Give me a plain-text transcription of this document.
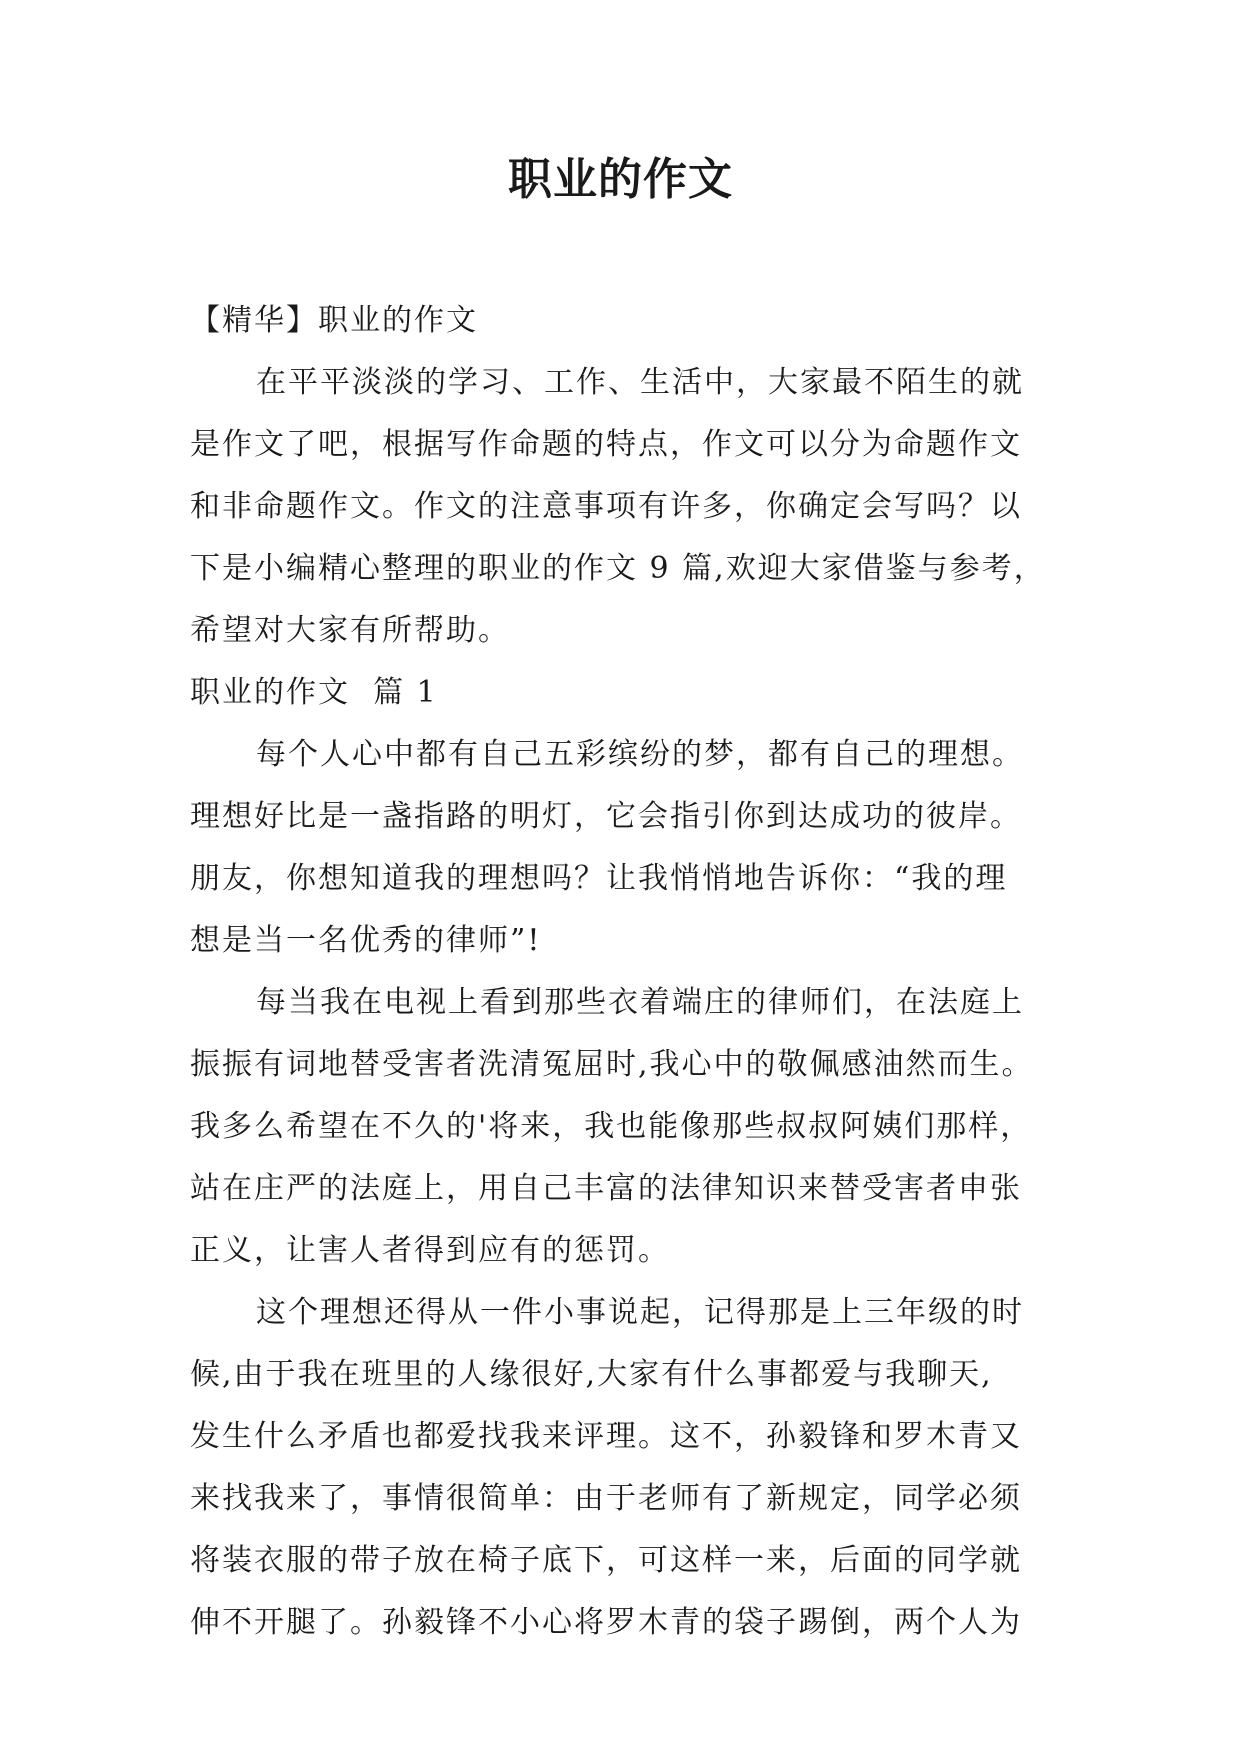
职业的作文
【精华】职业的作文
在平平淡淡的学习、工作、生活中，大家最不陌生的就
是作文了吧，根据写作命题的特点，作文可以分为命题作文
和非命题作文。作文的注意事项有许多，你确定会写吗？以
下是小编精心整理的职业的作文 9 篇,欢迎大家借鉴与参考，
希望对大家有所帮助。
职业的作文  篇 1
每个人心中都有自己五彩缤纷的梦，都有自己的理想。
理想好比是一盏指路的明灯，它会指引你到达成功的彼岸。
朋友，你想知道我的理想吗？让我悄悄地告诉你：“我的理
想是当一名优秀的律师”!
每当我在电视上看到那些衣着端庄的律师们，在法庭上
振振有词地替受害者洗清冤屈时,我心中的敬佩感油然而生。
我多么希望在不久的'将来，我也能像那些叔叔阿姨们那样，
站在庄严的法庭上，用自己丰富的法律知识来替受害者申张
正义，让害人者得到应有的惩罚。
这个理想还得从一件小事说起，记得那是上三年级的时
候,由于我在班里的人缘很好,大家有什么事都爱与我聊天,
发生什么矛盾也都爱找我来评理。这不，孙毅锋和罗木青又
来找我来了，事情很简单：由于老师有了新规定，同学必须
将装衣服的带子放在椅子底下，可这样一来，后面的同学就
伸不开腿了。孙毅锋不小心将罗木青的袋子踢倒，两个人为
